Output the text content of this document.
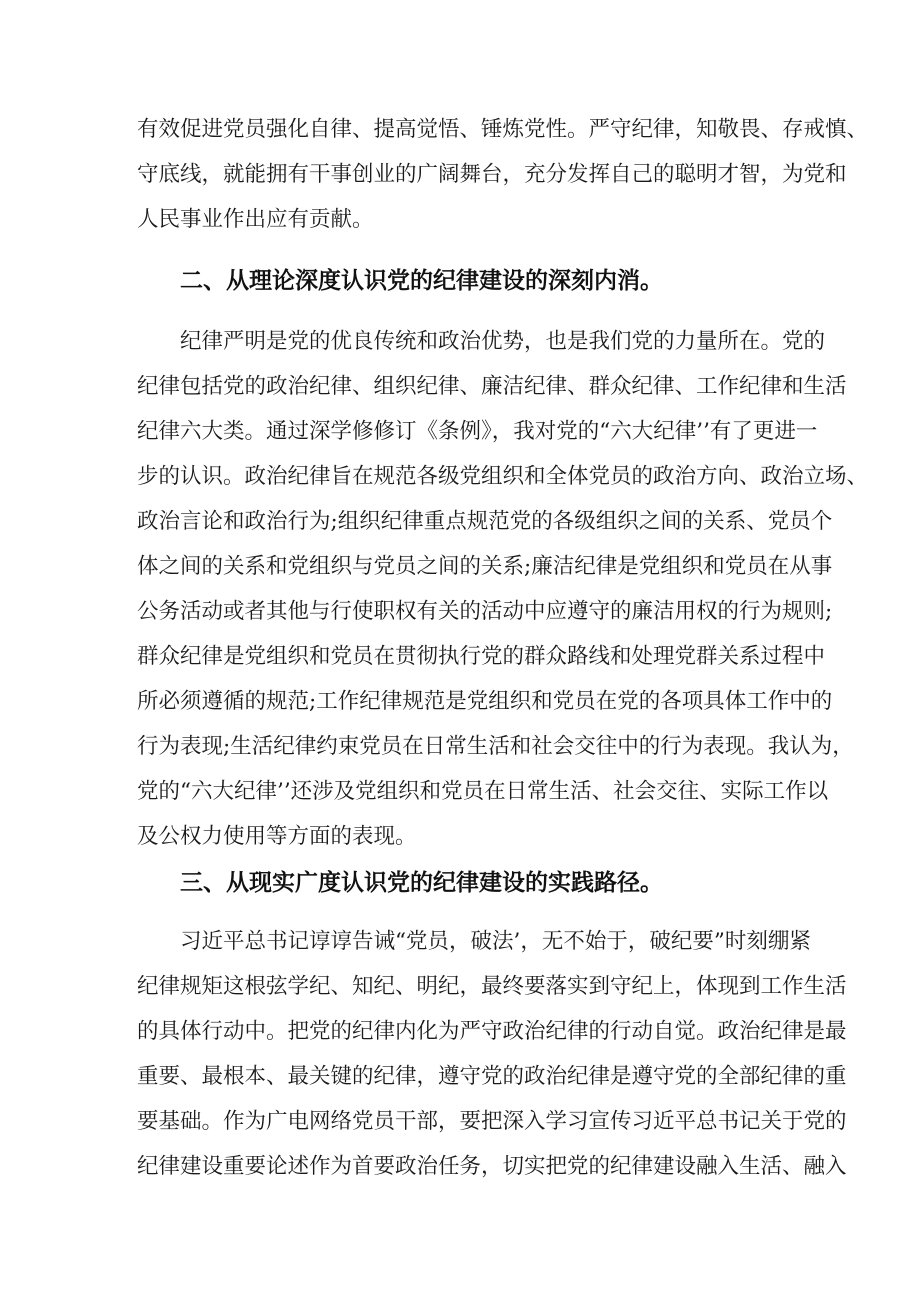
有效促进党员强化自律、提高觉悟、锤炼党性。严守纪律，知敬畏、存戒慎、
守底线，就能拥有干事创业的广阔舞台，充分发挥自己的聪明才智，为党和
人民事业作出应有贡献。
二、从理论深度认识党的纪律建设的深刻内消。
纪律严明是党的优良传统和政治优势，也是我们党的力量所在。党的
纪律包括党的政治纪律、组织纪律、廉洁纪律、群众纪律、工作纪律和生活
纪律六大类。通过深学修修订《条例》，我对党的“六大纪律’’有了更进一
步的认识。政治纪律旨在规范各级党组织和全体党员的政治方向、政治立场、
政治言论和政治行为;组织纪律重点规范党的各级组织之间的关系、党员个
体之间的关系和党组织与党员之间的关系;廉洁纪律是党组织和党员在从事
公务活动或者其他与行使职权有关的活动中应遵守的廉洁用权的行为规则;
群众纪律是党组织和党员在贯彻执行党的群众路线和处理党群关系过程中
所必须遵循的规范;工作纪律规范是党组织和党员在党的各项具体工作中的
行为表现;生活纪律约束党员在日常生活和社会交往中的行为表现。我认为，
党的“六大纪律’’还涉及党组织和党员在日常生活、社会交往、实际工作以
及公权力使用等方面的表现。
三、从现实广度认识党的纪律建设的实践路径。
习近平总书记谆谆告诫“党员，破法’，无不始于，破纪要”时刻绷紧
纪律规矩这根弦学纪、知纪、明纪，最终要落实到守纪上，体现到工作生活
的具体行动中。把党的纪律内化为严守政治纪律的行动自觉。政治纪律是最
重要、最根本、最关键的纪律，遵守党的政治纪律是遵守党的全部纪律的重
要基础。作为广电网络党员干部，要把深入学习宣传习近平总书记关于党的
纪律建设重要论述作为首要政治任务，切实把党的纪律建设融入生活、融入
